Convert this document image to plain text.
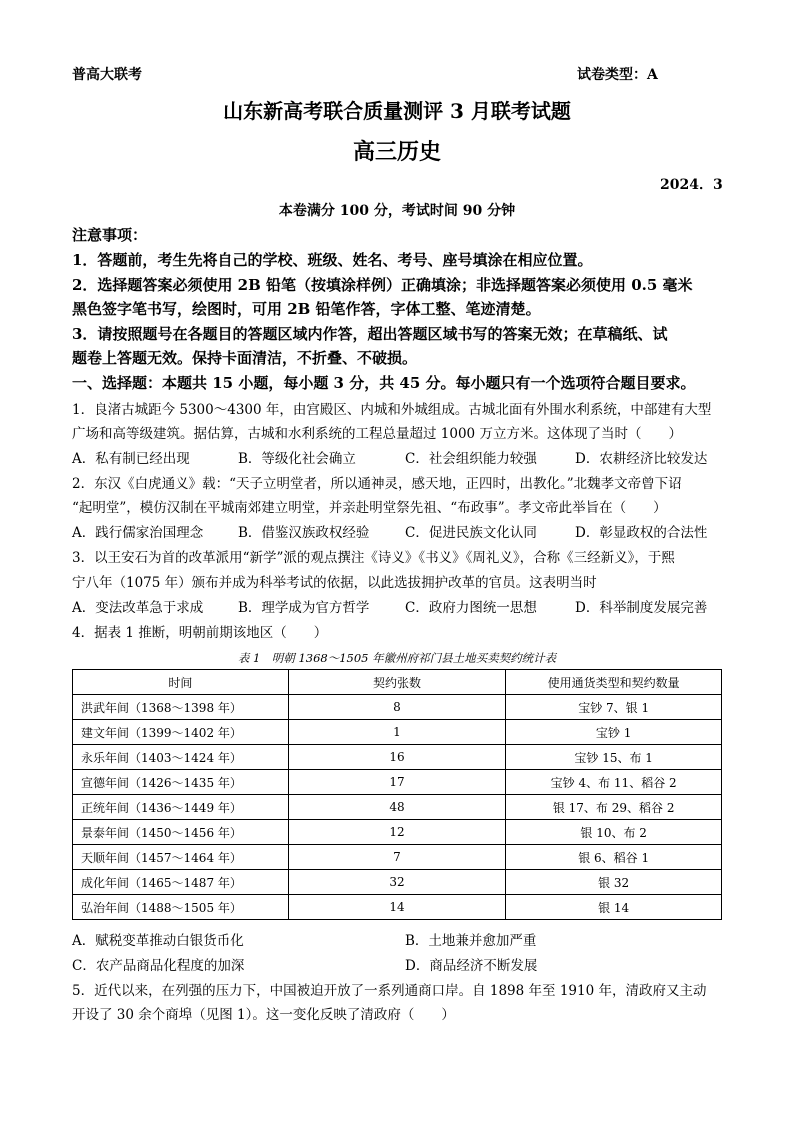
普高大联考	试卷类型：A
山东新高考联合质量测评 3 月联考试题
高三历史
2024．3
本卷满分 100 分，考试时间 90 分钟
注意事项：
1．答题前，考生先将自己的学校、班级、姓名、考号、座号填涂在相应位置。
2．选择题答案必须使用 2B 铅笔（按填涂样例）正确填涂；非选择题答案必须使用 0.5 毫米
黑色签字笔书写，绘图时，可用 2B 铅笔作答，字体工整、笔迹清楚。
3．请按照题号在各题目的答题区域内作答，超出答题区域书写的答案无效；在草稿纸、试
题卷上答题无效。保持卡面清洁，不折叠、不破损。
一、选择题：本题共 15 小题，每小题 3 分，共 45 分。每小题只有一个选项符合题目要求。
1．良渚古城距今 5300～4300 年，由宫殿区、内城和外城组成。古城北面有外围水利系统，中部建有大型
广场和高等级建筑。据估算，古城和水利系统的工程总量超过 1000 万立方米。这体现了当时（　　）
A．私有制已经出现	B．等级化社会确立	C．社会组织能力较强	D．农耕经济比较发达
2．东汉《白虎通义》载：“天子立明堂者，所以通神灵，感天地，正四时，出教化。”北魏孝文帝曾下诏
“起明堂”，模仿汉制在平城南郊建立明堂，并亲赴明堂祭先祖、“布政事”。孝文帝此举旨在（　　）
A．践行儒家治国理念	B．借鉴汉族政权经验	C．促进民族文化认同	D．彰显政权的合法性
3．以王安石为首的改革派用“新学”派的观点撰注《诗义》《书义》《周礼义》，合称《三经新义》，于熙
宁八年（1075 年）颁布并成为科举考试的依据，以此选拔拥护改革的官员。这表明当时
A．变法改革急于求成	B．理学成为官方哲学	C．政府力图统一思想	D．科举制度发展完善
4．据表 1 推断，明朝前期该地区（　　）
表 1　明朝 1368～1505 年徽州府祁门县土地买卖契约统计表
时间	契约张数	使用通货类型和契约数量
洪武年间（1368～1398 年）	8	宝钞 7、银 1
建文年间（1399～1402 年）	1	宝钞 1
永乐年间（1403～1424 年）	16	宝钞 15、布 1
宣德年间（1426～1435 年）	17	宝钞 4、布 11、稻谷 2
正统年间（1436～1449 年）	48	银 17、布 29、稻谷 2
景泰年间（1450～1456 年）	12	银 10、布 2
天顺年间（1457～1464 年）	7	银 6、稻谷 1
成化年间（1465～1487 年）	32	银 32
弘治年间（1488～1505 年）	14	银 14
A．赋税变革推动白银货币化	B．土地兼并愈加严重
C．农产品商品化程度的加深	D．商品经济不断发展
5．近代以来，在列强的压力下，中国被迫开放了一系列通商口岸。自 1898 年至 1910 年，清政府又主动
开设了 30 余个商埠（见图 1）。这一变化反映了清政府（　　）
